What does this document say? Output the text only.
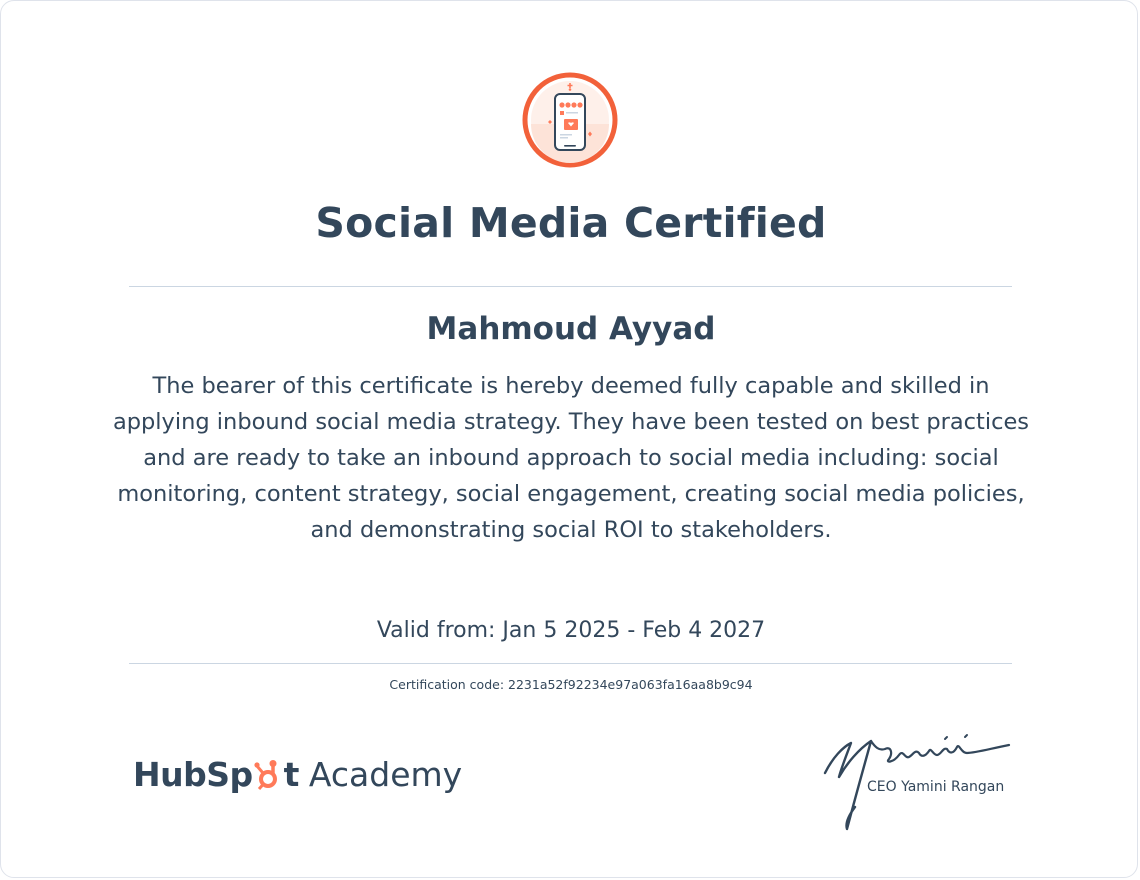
Social Media Certified
Mahmoud Ayyad
The bearer of this certificate is hereby deemed fully capable and skilled in applying inbound social media strategy. They have been tested on best practices and are ready to take an inbound approach to social media including: social monitoring, content strategy, social engagement, creating social media policies, and demonstrating social ROI to stakeholders.
Valid from: Jan 5 2025 - Feb 4 2027
Certification code: 2231a52f92234e97a063fa16aa8b9c94
HubSp t Academy	CEO Yamini Rangan
